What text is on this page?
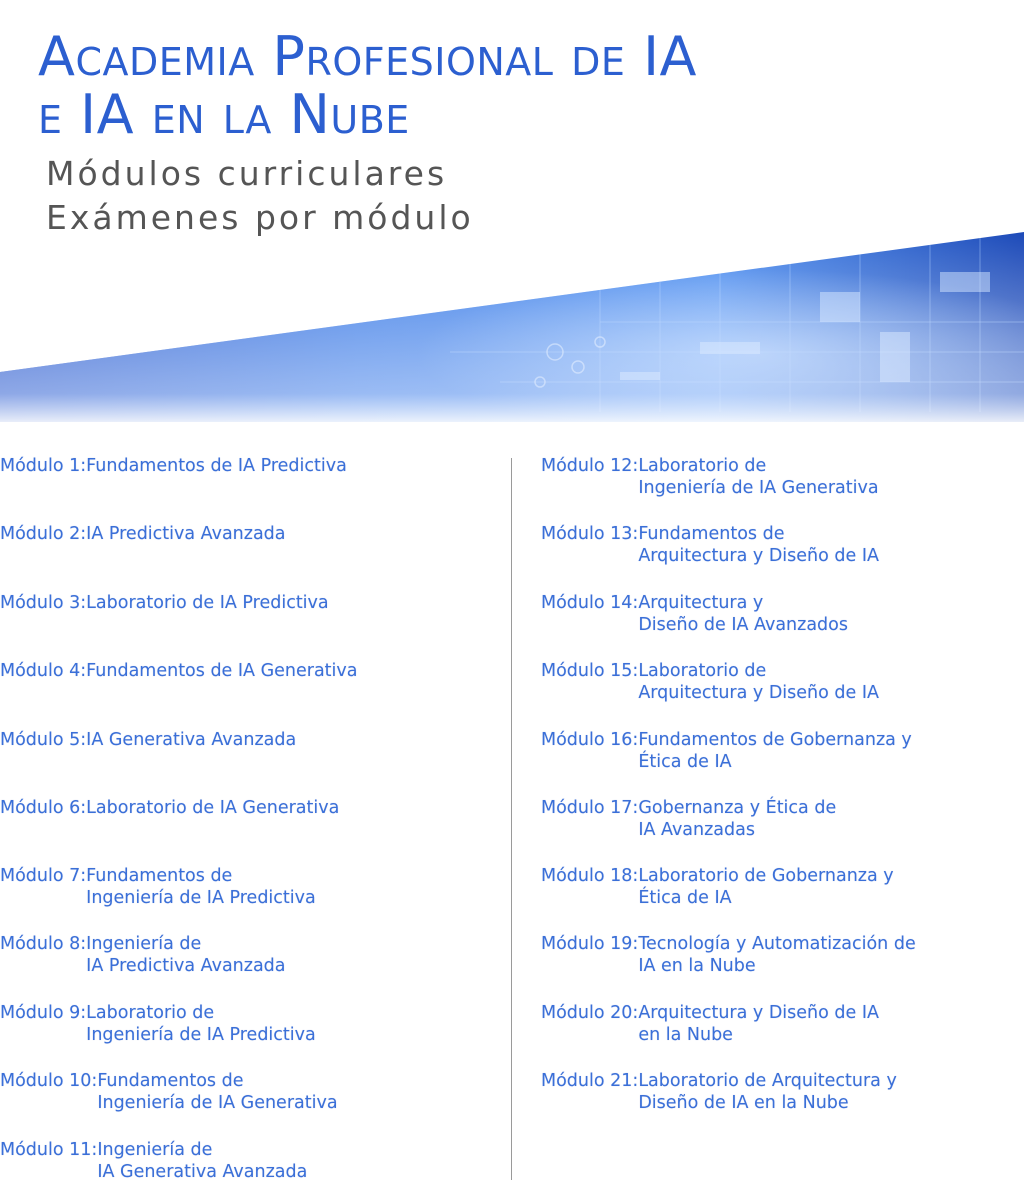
Academia Profesional de IA
e IA en la Nube
Módulos curriculares
Exámenes por módulo
Módulo 1: Fundamentos de IA Predictiva
Módulo 2: IA Predictiva Avanzada
Módulo 3: Laboratorio de IA Predictiva
Módulo 4: Fundamentos de IA Generativa
Módulo 5: IA Generativa Avanzada
Módulo 6: Laboratorio de IA Generativa
Módulo 7: Fundamentos de
Ingeniería de IA Predictiva
Módulo 8: Ingeniería de
IA Predictiva Avanzada
Módulo 9: Laboratorio de
Ingeniería de IA Predictiva
Módulo 10: Fundamentos de
Ingeniería de IA Generativa
Módulo 11: Ingeniería de
IA Generativa Avanzada
Módulo 12: Laboratorio de
Ingeniería de IA Generativa
Módulo 13: Fundamentos de
Arquitectura y Diseño de IA
Módulo 14: Arquitectura y
Diseño de IA Avanzados
Módulo 15: Laboratorio de
Arquitectura y Diseño de IA
Módulo 16: Fundamentos de Gobernanza y
Ética de IA
Módulo 17: Gobernanza y Ética de
IA Avanzadas
Módulo 18: Laboratorio de Gobernanza y
Ética de IA
Módulo 19: Tecnología y Automatización de
IA en la Nube
Módulo 20: Arquitectura y Diseño de IA
en la Nube
Módulo 21: Laboratorio de Arquitectura y
Diseño de IA en la Nube
